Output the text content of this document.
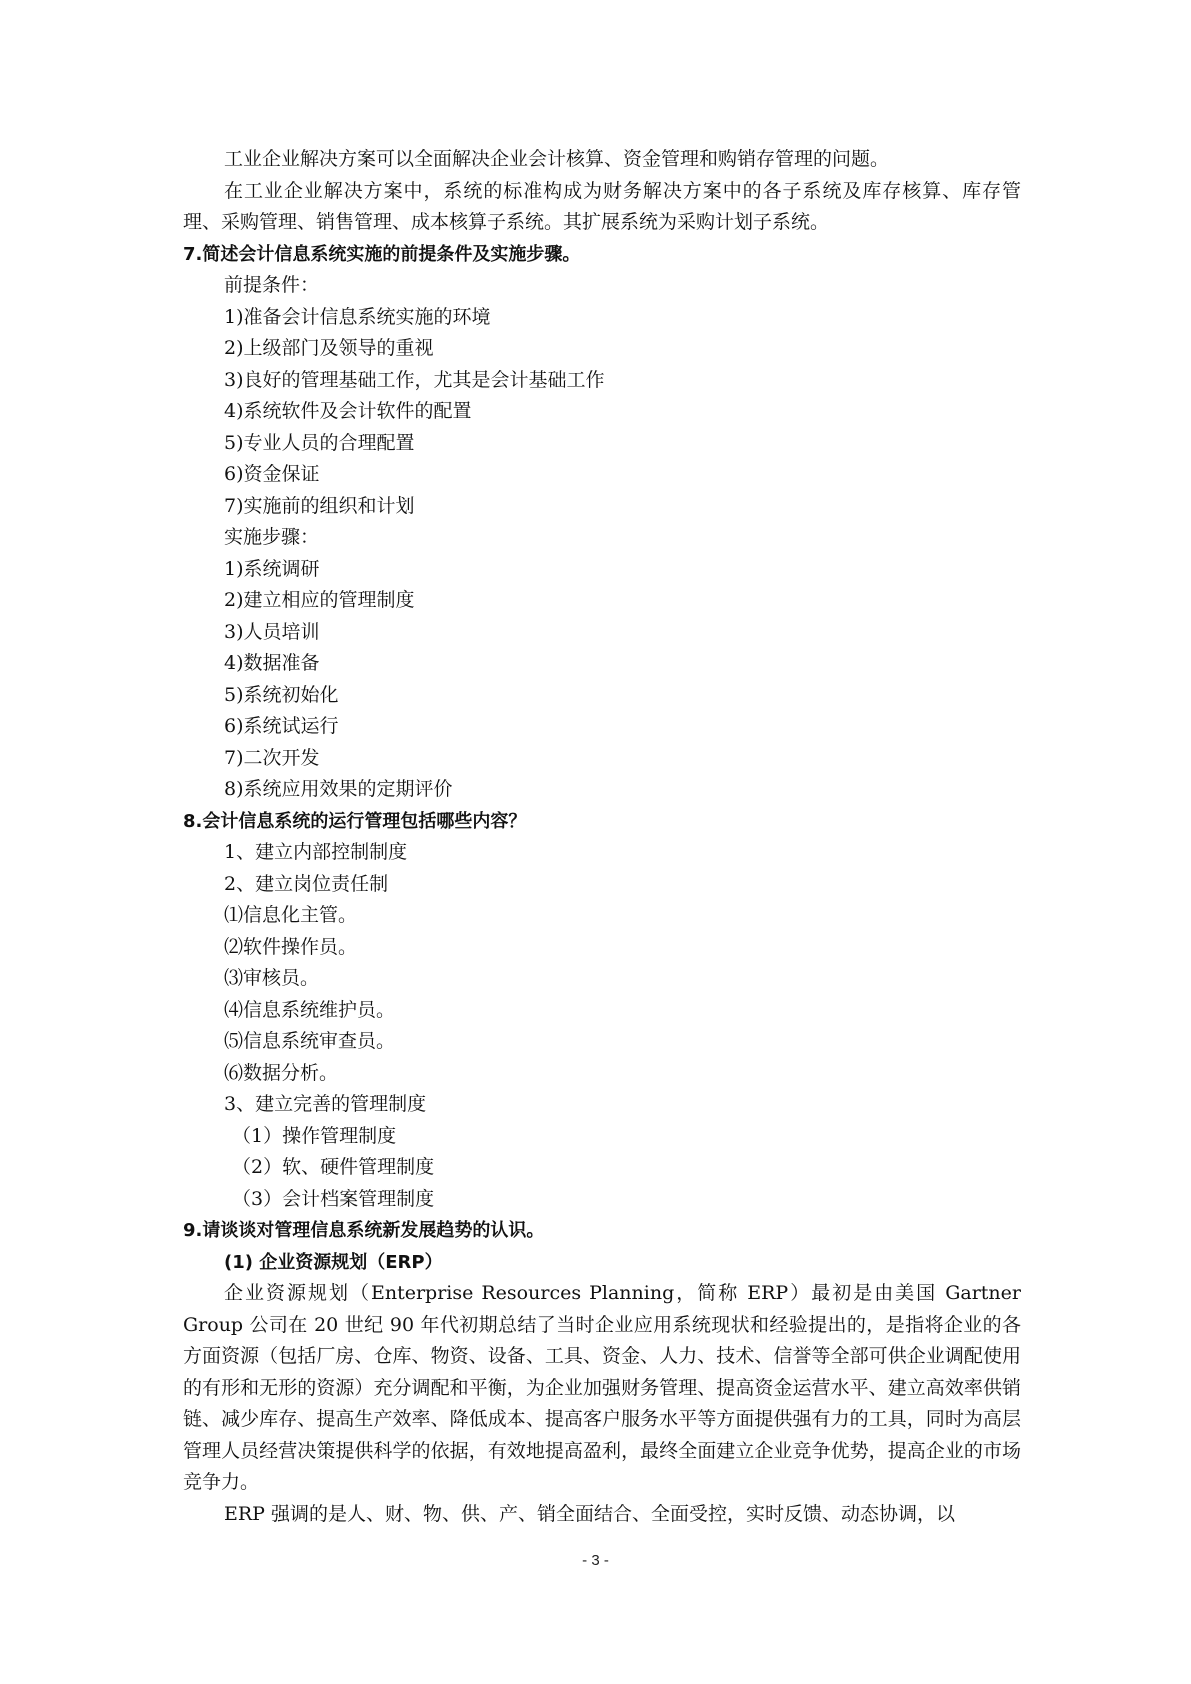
工业企业解决方案可以全面解决企业会计核算、资金管理和购销存管理的问题。

在工业企业解决方案中，系统的标准构成为财务解决方案中的各子系统及库存核算、库存管理、采购管理、销售管理、成本核算子系统。其扩展系统为采购计划子系统。

7.简述会计信息系统实施的前提条件及实施步骤。

前提条件：

1)准备会计信息系统实施的环境

2)上级部门及领导的重视

3)良好的管理基础工作，尤其是会计基础工作

4)系统软件及会计软件的配置

5)专业人员的合理配置

6)资金保证

7)实施前的组织和计划

实施步骤：

1)系统调研

2)建立相应的管理制度

3)人员培训

4)数据准备

5)系统初始化

6)系统试运行

7)二次开发

8)系统应用效果的定期评价

8.会计信息系统的运行管理包括哪些内容？

1、建立内部控制制度

2、建立岗位责任制

⑴信息化主管。

⑵软件操作员。

⑶审核员。

⑷信息系统维护员。

⑸信息系统审查员。

⑹数据分析。

3、建立完善的管理制度

（1）操作管理制度

（2）软、硬件管理制度

（3）会计档案管理制度

9.请谈谈对管理信息系统新发展趋势的认识。

(1) 企业资源规划（ERP）

企业资源规划（Enterprise Resources Planning，简称 ERP）最初是由美国 Gartner Group 公司在 20 世纪 90 年代初期总结了当时企业应用系统现状和经验提出的，是指将企业的各方面资源（包括厂房、仓库、物资、设备、工具、资金、人力、技术、信誉等全部可供企业调配使用的有形和无形的资源）充分调配和平衡，为企业加强财务管理、提高资金运营水平、建立高效率供销链、减少库存、提高生产效率、降低成本、提高客户服务水平等方面提供强有力的工具，同时为高层管理人员经营决策提供科学的依据，有效地提高盈利，最终全面建立企业竞争优势，提高企业的市场竞争力。

ERP 强调的是人、财、物、供、产、销全面结合、全面受控，实时反馈、动态协调，以

- 3 -
